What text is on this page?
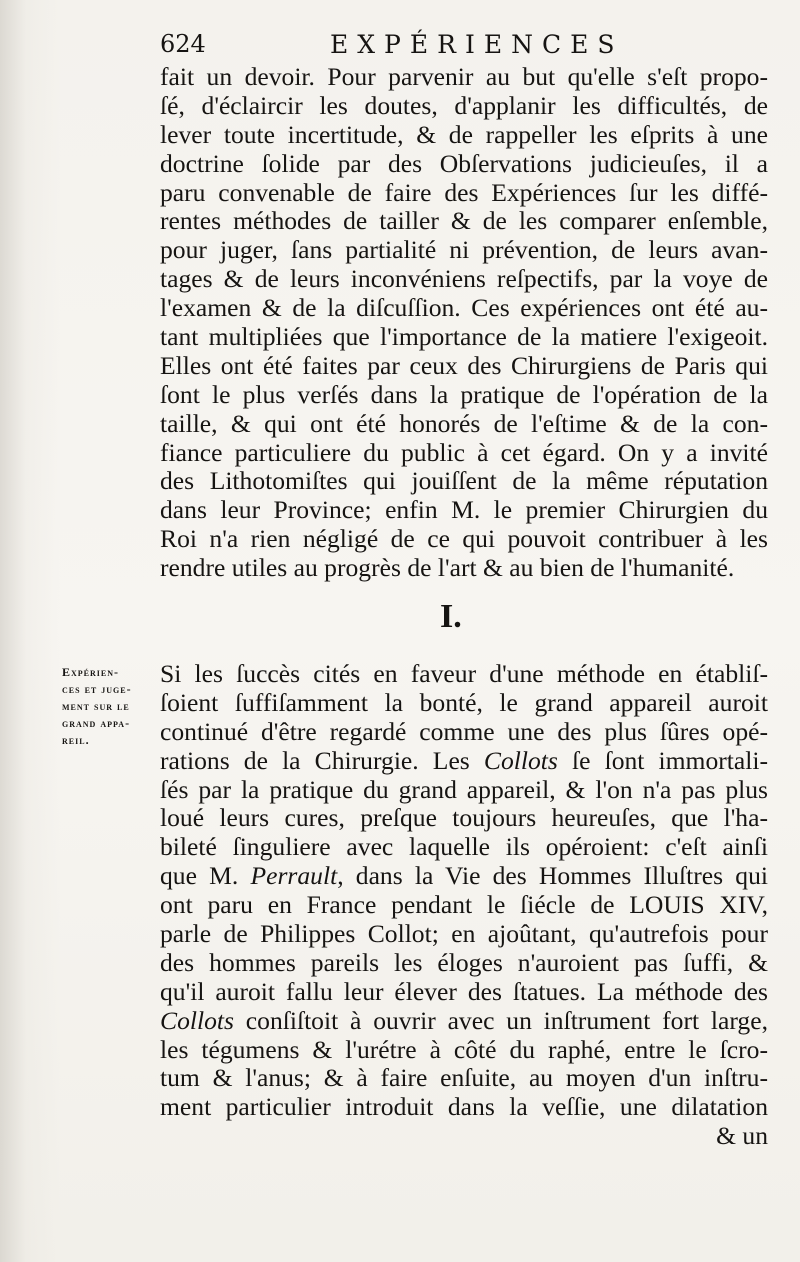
624	EXPÉRIENCES

fait un devoir. Pour parvenir au but qu'elle s'eſt propo-
ſé, d'éclaircir les doutes, d'applanir les difficultés, de
lever toute incertitude, & de rappeller les eſprits à une
doctrine ſolide par des Obſervations judicieuſes, il a
paru convenable de faire des Expériences ſur les diffé-
rentes méthodes de tailler & de les comparer enſemble,
pour juger, ſans partialité ni prévention, de leurs avan-
tages & de leurs inconvéniens reſpectifs, par la voye de
l'examen & de la diſcuſſion. Ces expériences ont été au-
tant multipliées que l'importance de la matiere l'exigeoit.
Elles ont été faites par ceux des Chirurgiens de Paris qui
ſont le plus verſés dans la pratique de l'opération de la
taille, & qui ont été honorés de l'eſtime & de la con-
fiance particuliere du public à cet égard. On y a invité
des Lithotomiſtes qui jouiſſent de la même réputation
dans leur Province; enfin M. le premier Chirurgien du
Roi n'a rien négligé de ce qui pouvoit contribuer à les
rendre utiles au progrès de l'art & au bien de l'humanité.

I.
Expérien-
ces et juge-
ment sur le
grand appa-
reil.

Si les ſuccès cités en faveur d'une méthode en établiſ-
ſoient ſuffiſamment la bonté, le grand appareil auroit
continué d'être regardé comme une des plus ſûres opé-
rations de la Chirurgie. Les Collots ſe ſont immortali-
ſés par la pratique du grand appareil, & l'on n'a pas plus
loué leurs cures, preſque toujours heureuſes, que l'ha-
bileté ſinguliere avec laquelle ils opéroient: c'eſt ainſi
que M. Perrault, dans la Vie des Hommes Illuſtres qui
ont paru en France pendant le ſiécle de LOUIS XIV,
parle de Philippes Collot; en ajoûtant, qu'autrefois pour
des hommes pareils les éloges n'auroient pas ſuffi, &
qu'il auroit fallu leur élever des ſtatues. La méthode des
Collots conſiſtoit à ouvrir avec un inſtrument fort large,
les tégumens & l'urétre à côté du raphé, entre le ſcro-
tum & l'anus; & à faire enſuite, au moyen d'un inſtru-
ment particulier introduit dans la veſſie, une dilatation
& un
